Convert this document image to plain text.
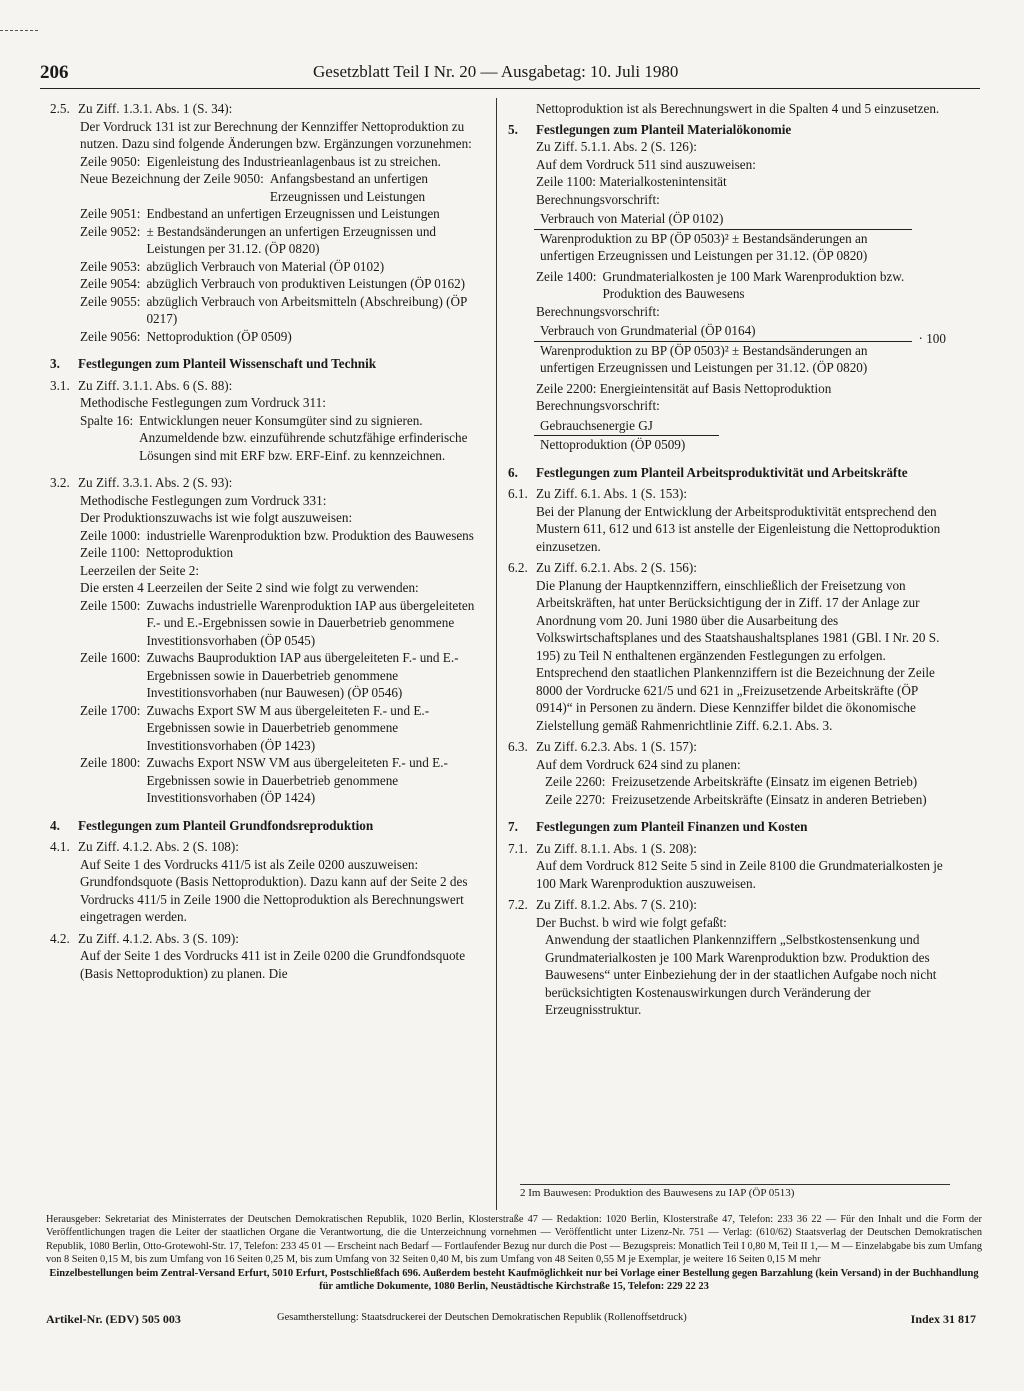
206	Gesetzblatt Teil I Nr. 20 — Ausgabetag: 10. Juli 1980
2.5. Zu Ziff. 1.3.1. Abs. 1 (S. 34):

Der Vordruck 131 ist zur Berechnung der Kennziffer Nettoproduktion zu nutzen. Dazu sind folgende Änderungen bzw. Ergänzungen vorzunehmen:

Zeile 9050: Eigenleistung des Industrieanlagenbaus ist zu streichen.
Neue Bezeichnung der Zeile 9050: Anfangsbestand an unfertigen Erzeugnissen und Leistungen
Zeile 9051: Endbestand an unfertigen Erzeugnissen und Leistungen
Zeile 9052: ± Bestandsänderungen an unfertigen Erzeugnissen und Leistungen per 31.12. (ÖP 0820)
Zeile 9053: abzüglich Verbrauch von Material (ÖP 0102)
Zeile 9054: abzüglich Verbrauch von produktiven Leistungen (ÖP 0162)
Zeile 9055: abzüglich Verbrauch von Arbeitsmitteln (Abschreibung) (ÖP 0217)
Zeile 9056: Nettoproduktion (ÖP 0509)
3.	Festlegungen zum Planteil Wissenschaft und Technik
3.1. Zu Ziff. 3.1.1. Abs. 6 (S. 88):

Methodische Festlegungen zum Vordruck 311:

Spalte 16: Entwicklungen neuer Konsumgüter sind zu signieren.
Anzumeldende bzw. einzuführende schutzfähige erfinderische Lösungen sind mit ERF bzw. ERF-Einf. zu kennzeichnen.
3.2. Zu Ziff. 3.3.1. Abs. 2 (S. 93):

Methodische Festlegungen zum Vordruck 331:

Der Produktionszuwachs ist wie folgt auszuweisen:

Zeile 1000: industrielle Warenproduktion bzw. Produktion des Bauwesens
Zeile 1100: Nettoproduktion

Leerzeilen der Seite 2:

Die ersten 4 Leerzeilen der Seite 2 sind wie folgt zu verwenden:

Zeile 1500: Zuwachs industrielle Warenproduktion IAP aus übergeleiteten F.- und E.-Ergebnissen sowie in Dauerbetrieb genommene Investitionsvorhaben (ÖP 0545)
Zeile 1600: Zuwachs Bauproduktion IAP aus übergeleiteten F.- und E.-Ergebnissen sowie in Dauerbetrieb genommene Investitionsvorhaben (nur Bauwesen) (ÖP 0546)
Zeile 1700: Zuwachs Export SW M aus übergeleiteten F.- und E.-Ergebnissen sowie in Dauerbetrieb genommene Investitionsvorhaben (ÖP 1423)
Zeile 1800: Zuwachs Export NSW VM aus übergeleiteten F.- und E.-Ergebnissen sowie in Dauerbetrieb genommene Investitionsvorhaben (ÖP 1424)
4.	Festlegungen zum Planteil Grundfondsreproduktion
4.1. Zu Ziff. 4.1.2. Abs. 2 (S. 108):

Auf Seite 1 des Vordrucks 411/5 ist als Zeile 0200 auszuweisen:

Grundfondsquote (Basis Nettoproduktion). Dazu kann auf der Seite 2 des Vordrucks 411/5 in Zeile 1900 die Nettoproduktion als Berechnungswert eingetragen werden.

4.2. Zu Ziff. 4.1.2. Abs. 3 (S. 109):

Auf der Seite 1 des Vordrucks 411 ist in Zeile 0200 die Grundfondsquote (Basis Nettoproduktion) zu planen. Die

Nettoproduktion ist als Berechnungswert in die Spalten 4 und 5 einzusetzen.

5.	Festlegungen zum Planteil Materialökonomie

Zu Ziff. 5.1.1. Abs. 2 (S. 126):

Auf dem Vordruck 511 sind auszuweisen:

Zeile 1100: Materialkostenintensität

Berechnungsvorschrift:

Verbrauch von Material (ÖP 0102)
Warenproduktion zu BP (ÖP 0503)² ± Bestandsänderungen an unfertigen Erzeugnissen und Leistungen per 31.12. (ÖP 0820)
Zeile 1400: Grundmaterialkosten je 100 Mark Warenproduktion bzw. Produktion des Bauwesens

Berechnungsvorschrift:

Verbrauch von Grundmaterial (ÖP 0164)
Warenproduktion zu BP (ÖP 0503)² ± Bestandsänderungen an unfertigen Erzeugnissen und Leistungen per 31.12. (ÖP 0820)
· 100

Zeile 2200: Energieintensität auf Basis Nettoproduktion

Berechnungsvorschrift:

Gebrauchsenergie GJ
Nettoproduktion (ÖP 0509)
6.	Festlegungen zum Planteil Arbeitsproduktivität und Arbeitskräfte
6.1. Zu Ziff. 6.1. Abs. 1 (S. 153):

Bei der Planung der Entwicklung der Arbeitsproduktivität entsprechend den Mustern 611, 612 und 613 ist anstelle der Eigenleistung die Nettoproduktion einzusetzen.

6.2. Zu Ziff. 6.2.1. Abs. 2 (S. 156):

Die Planung der Hauptkennziffern, einschließlich der Freisetzung von Arbeitskräften, hat unter Berücksichtigung der in Ziff. 17 der Anlage zur Anordnung vom 20. Juni 1980 über die Ausarbeitung des Volkswirtschaftsplanes und des Staatshaushaltsplanes 1981 (GBl. I Nr. 20 S. 195) zu Teil N enthaltenen ergänzenden Festlegungen zu erfolgen. Entsprechend den staatlichen Plankennziffern ist die Bezeichnung der Zeile 8000 der Vordrucke 621/5 und 621 in „Freizusetzende Arbeitskräfte (ÖP 0914)“ in Personen zu ändern. Diese Kennziffer bildet die ökonomische Zielstellung gemäß Rahmenrichtlinie Ziff. 6.2.1. Abs. 3.

6.3. Zu Ziff. 6.2.3. Abs. 1 (S. 157):

Auf dem Vordruck 624 sind zu planen:

Zeile 2260: Freizusetzende Arbeitskräfte (Einsatz im eigenen Betrieb)
Zeile 2270: Freizusetzende Arbeitskräfte (Einsatz in anderen Betrieben)
7.	Festlegungen zum Planteil Finanzen und Kosten
7.1. Zu Ziff. 8.1.1. Abs. 1 (S. 208):

Auf dem Vordruck 812 Seite 5 sind in Zeile 8100 die Grundmaterialkosten je 100 Mark Warenproduktion auszuweisen.

7.2. Zu Ziff. 8.1.2. Abs. 7 (S. 210):

Der Buchst. b wird wie folgt gefaßt:

Anwendung der staatlichen Plankennziffern „Selbstkostensenkung und Grundmaterialkosten je 100 Mark Warenproduktion bzw. Produktion des Bauwesens“ unter Einbeziehung der in der staatlichen Aufgabe noch nicht berücksichtigten Kostenauswirkungen durch Veränderung der Erzeugnisstruktur.

2 Im Bauwesen: Produktion des Bauwesens zu IAP (ÖP 0513)
Herausgeber: Sekretariat des Ministerrates der Deutschen Demokratischen Republik, 1020 Berlin, Klosterstraße 47 — Redaktion: 1020 Berlin, Klosterstraße 47, Telefon: 233 36 22 — Für den Inhalt und die Form der Veröffentlichungen tragen die Leiter der staatlichen Organe die Verantwortung, die die Unterzeichnung vornehmen — Veröffentlicht unter Lizenz-Nr. 751 — Verlag: (610/62) Staatsverlag der Deutschen Demokratischen Republik, 1080 Berlin, Otto-Grotewohl-Str. 17, Telefon: 233 45 01 — Erscheint nach Bedarf — Fortlaufender Bezug nur durch die Post — Bezugspreis: Monatlich Teil I 0,80 M, Teil II 1,— M — Einzelabgabe bis zum Umfang von 8 Seiten 0,15 M, bis zum Umfang von 16 Seiten 0,25 M, bis zum Umfang von 32 Seiten 0,40 M, bis zum Umfang von 48 Seiten 0,55 M je Exemplar, je weitere 16 Seiten 0,15 M mehr
Einzelbestellungen beim Zentral-Versand Erfurt, 5010 Erfurt, Postschließfach 696. Außerdem besteht Kaufmöglichkeit nur bei Vorlage einer Bestellung gegen Barzahlung (kein Versand) in der Buchhandlung
für amtliche Dokumente, 1080 Berlin, Neustädtische Kirchstraße 15, Telefon: 229 22 23
Artikel-Nr. (EDV) 505 003	Gesamtherstellung: Staatsdruckerei der Deutschen Demokratischen Republik (Rollenoffsetdruck)	Index 31 817
